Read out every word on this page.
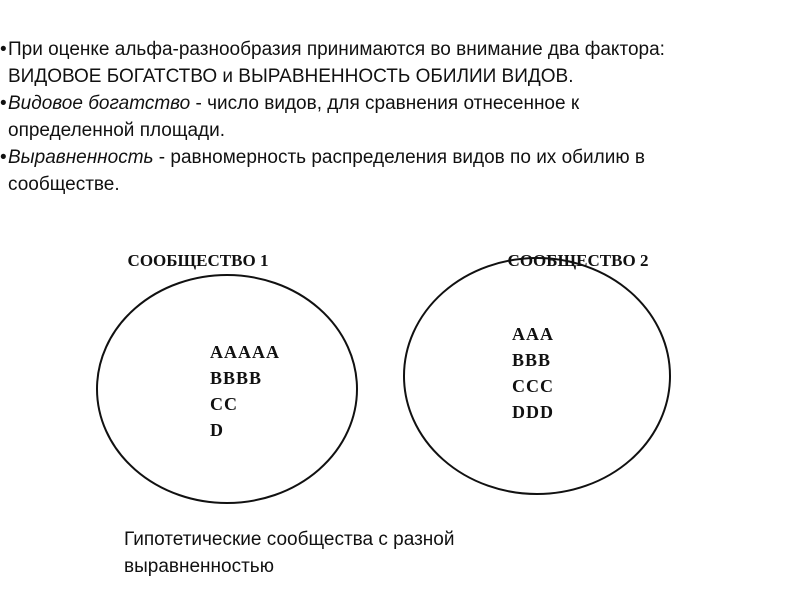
• При оценке альфа-разнообразия принимаются во внимание два фактора:
ВИДОВОЕ БОГАТСТВО и ВЫРАВНЕННОСТЬ ОБИЛИИ ВИДОВ.
• Видовое богатство - число видов, для сравнения отнесенное к
определенной площади.
• Выравненность - равномерность распределения видов по их обилию в
сообществе.
СООБЩЕСТВО 1
AAAAA
BBBB
CC
D
СООБЩЕСТВО 2
AAA
BBB
CCC
DDD
Гипотетические сообщества с разной
выравненностью
